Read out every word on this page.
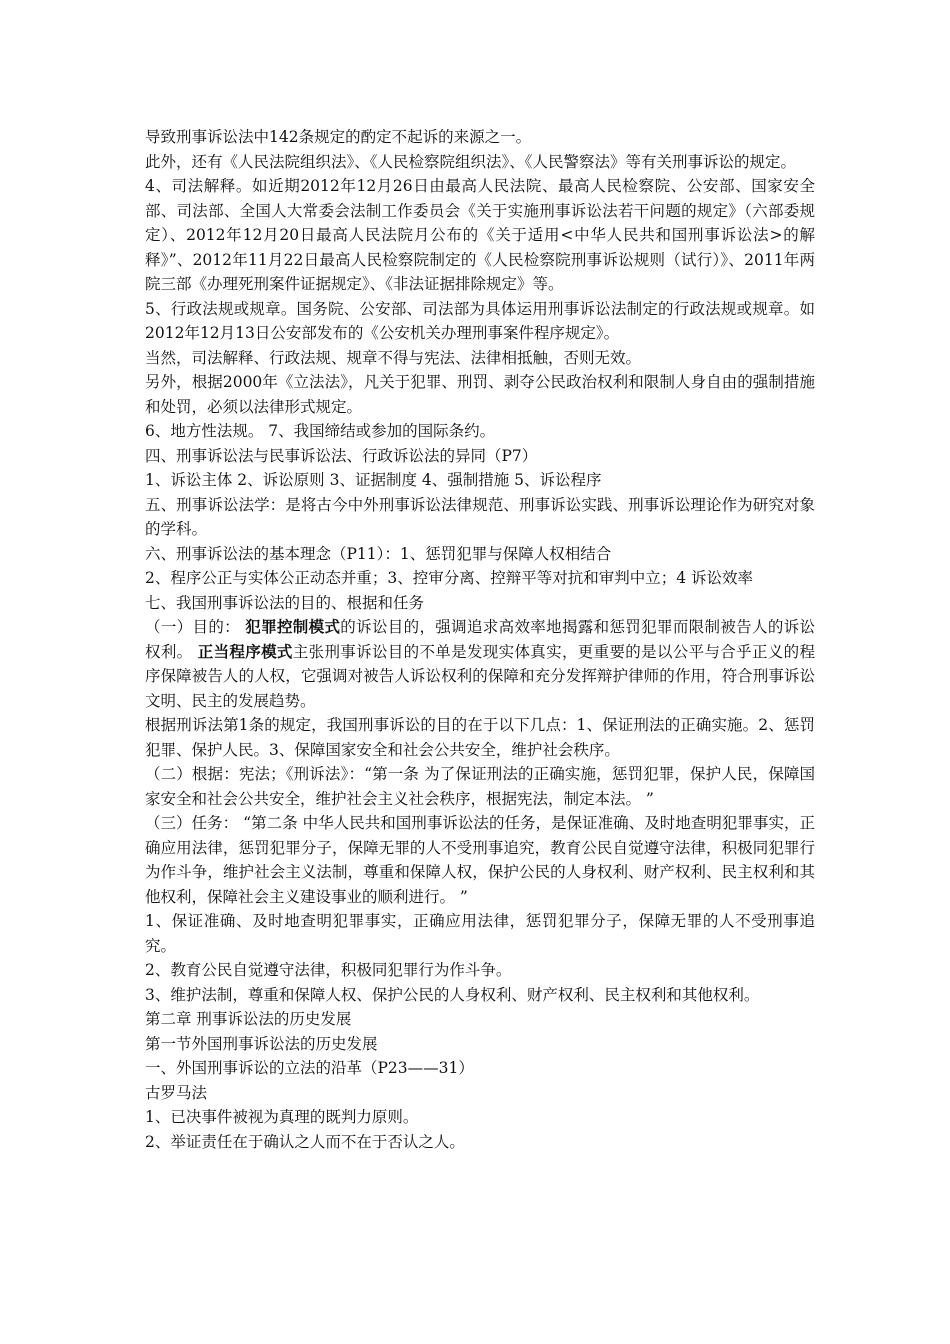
导致刑事诉讼法中142条规定的酌定不起诉的来源之一。

此外，还有《人民法院组织法》、《人民检察院组织法》、《人民警察法》等有关刑事诉讼的规定。

4、司法解释。如近期2012年12月26日由最高人民法院、最高人民检察院、公安部、国家安全部、司法部、全国人大常委会法制工作委员会《关于实施刑事诉讼法若干问题的规定》（六部委规定）、2012年12月20日最高人民法院月公布的《关于适用<中华人民共和国刑事诉讼法>的解释》”、2012年11月22日最高人民检察院制定的《人民检察院刑事诉讼规则（试行）》、2011年两院三部《办理死刑案件证据规定》、《非法证据排除规定》等。

5、行政法规或规章。国务院、公安部、司法部为具体运用刑事诉讼法制定的行政法规或规章。如2012年12月13日公安部发布的《公安机关办理刑事案件程序规定》。

当然，司法解释、行政法规、规章不得与宪法、法律相抵触，否则无效。

另外，根据2000年《立法法》，凡关于犯罪、刑罚、剥夺公民政治权利和限制人身自由的强制措施和处罚，必须以法律形式规定。

6、地方性法规。 7、我国缔结或参加的国际条约。

四、刑事诉讼法与民事诉讼法、行政诉讼法的异同（P7）

1、诉讼主体 2、诉讼原则 3、证据制度 4、强制措施 5、诉讼程序

五、刑事诉讼法学：是将古今中外刑事诉讼法律规范、刑事诉讼实践、刑事诉讼理论作为研究对象的学科。

六、刑事诉讼法的基本理念（P11）：1、惩罚犯罪与保障人权相结合

2、程序公正与实体公正动态并重；3、控审分离、控辩平等对抗和审判中立；4 诉讼效率

七、我国刑事诉讼法的目的、根据和任务

（一）目的： 犯罪控制模式的诉讼目的，强调追求高效率地揭露和惩罚犯罪而限制被告人的诉讼权利。 正当程序模式主张刑事诉讼目的不单是发现实体真实，更重要的是以公平与合乎正义的程序保障被告人的人权，它强调对被告人诉讼权利的保障和充分发挥辩护律师的作用，符合刑事诉讼文明、民主的发展趋势。

根据刑诉法第1条的规定，我国刑事诉讼的目的在于以下几点：1、保证刑法的正确实施。2、惩罚犯罪、保护人民。3、保障国家安全和社会公共安全，维护社会秩序。

（二）根据：宪法；《刑诉法》：“第一条 为了保证刑法的正确实施，惩罚犯罪，保护人民，保障国家安全和社会公共安全，维护社会主义社会秩序，根据宪法，制定本法。 ”

（三）任务： “第二条 中华人民共和国刑事诉讼法的任务，是保证准确、及时地查明犯罪事实，正确应用法律，惩罚犯罪分子，保障无罪的人不受刑事追究，教育公民自觉遵守法律，积极同犯罪行为作斗争，维护社会主义法制，尊重和保障人权，保护公民的人身权利、财产权利、民主权利和其他权利，保障社会主义建设事业的顺利进行。 ”

1、保证准确、及时地查明犯罪事实，正确应用法律，惩罚犯罪分子，保障无罪的人不受刑事追究。

2、教育公民自觉遵守法律，积极同犯罪行为作斗争。

3、维护法制，尊重和保障人权、保护公民的人身权利、财产权利、民主权利和其他权利。

第二章 刑事诉讼法的历史发展

第一节外国刑事诉讼法的历史发展

一、外国刑事诉讼的立法的沿革（P23——31）

古罗马法

1、已决事件被视为真理的既判力原则。

2、举证责任在于确认之人而不在于否认之人。
